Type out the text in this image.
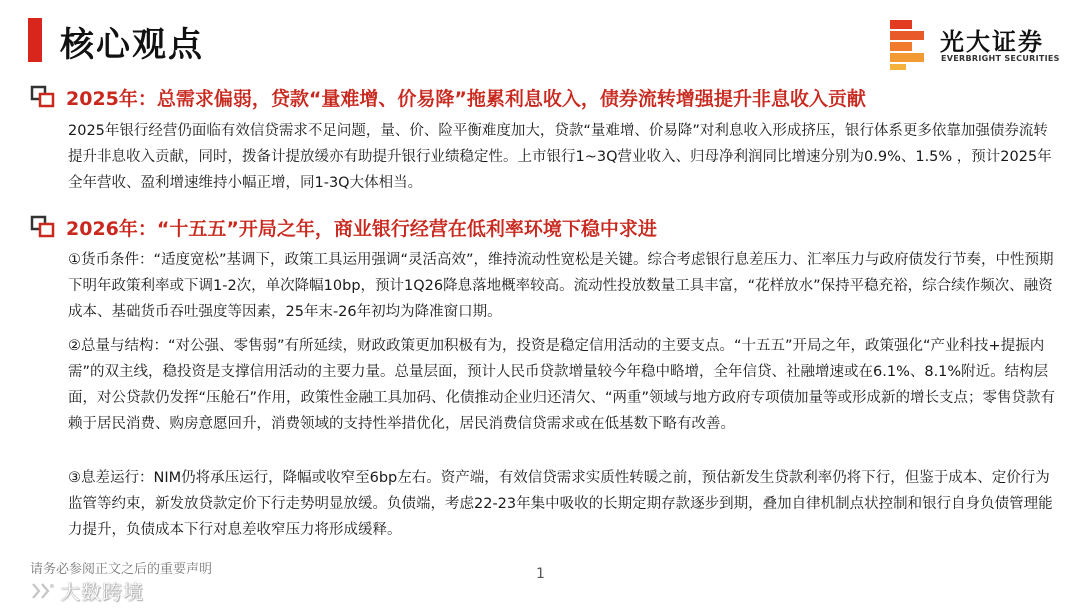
核心观点	光大证券
EVERBRIGHT SECURITIES
2025年：总需求偏弱，贷款“量难增、价易降”拖累利息收入，债券流转增强提升非息收入贡献
2025年银行经营仍面临有效信贷需求不足问题，量、价、险平衡难度加大，贷款“量难增、价易降”对利息收入形成挤压，银行体系更多依靠加强债券流转提升非息收入贡献，同时，拨备计提放缓亦有助提升银行业绩稳定性。上市银行1~3Q营业收入、归母净利润同比增速分别为0.9%、1.5% ，预计2025年全年营收、盈利增速维持小幅正增，同1-3Q大体相当。
2026年：“十五五”开局之年，商业银行经营在低利率环境下稳中求进
①货币条件：“适度宽松”基调下，政策工具运用强调“灵活高效”，维持流动性宽松是关键。综合考虑银行息差压力、汇率压力与政府债发行节奏，中性预期下明年政策利率或下调1-2次，单次降幅10bp，预计1Q26降息落地概率较高。流动性投放数量工具丰富，“花样放水”保持平稳充裕，综合续作频次、融资成本、基础货币吞吐强度等因素，25年末-26年初均为降准窗口期。
②总量与结构：“对公强、零售弱”有所延续，财政政策更加积极有为，投资是稳定信用活动的主要支点。“十五五”开局之年，政策强化“产业科技+提振内需”的双主线，稳投资是支撑信用活动的主要力量。总量层面，预计人民币贷款增量较今年稳中略增，全年信贷、社融增速或在6.1%、8.1%附近。结构层面，对公贷款仍发挥“压舱石”作用，政策性金融工具加码、化债推动企业归还清欠、“两重”领域与地方政府专项债加量等或形成新的增长支点；零售贷款有赖于居民消费、购房意愿回升，消费领域的支持性举措优化，居民消费信贷需求或在低基数下略有改善。
③息差运行：NIM仍将承压运行，降幅或收窄至6bp左右。资产端，有效信贷需求实质性转暖之前，预估新发生贷款利率仍将下行，但鉴于成本、定价行为监管等约束，新发放贷款定价下行走势明显放缓。负债端，考虑22-23年集中吸收的长期定期存款逐步到期，叠加自律机制点状控制和银行自身负债管理能力提升，负债成本下行对息差收窄压力将形成缓释。
请务必参阅正文之后的重要声明	1
大数跨境
